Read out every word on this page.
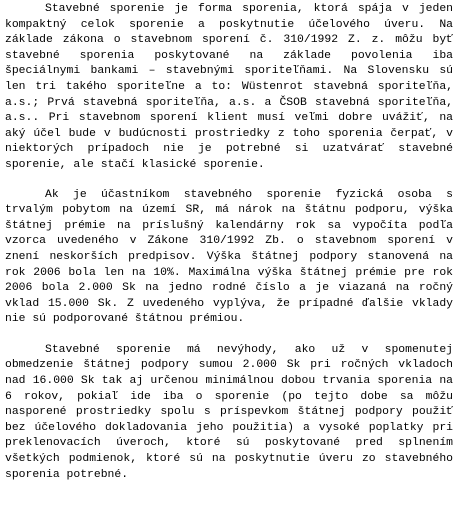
Stavebné sporenie je forma sporenia, ktorá spája v jeden kompaktný celok sporenie a poskytnutie účelového úveru. Na základe zákona o stavebnom sporení č. 310/1992 Z. z. môžu byť stavebné sporenia poskytované na základe povolenia iba špeciálnymi bankami – stavebnými sporiteľňami. Na Slovensku sú len tri takého sporiteľne a to: Wüstenrot stavebná sporiteľňa, a.s.; Prvá stavebná sporiteľňa, a.s. a ČSOB stavebná sporiteľňa, a.s.. Pri stavebnom sporení klient musí veľmi dobre uvážiť, na aký účel bude v budúcnosti prostriedky z toho sporenia čerpať, v niektorých prípadoch nie je potrebné si uzatvárať stavebné sporenie, ale stačí klasické sporenie.

Ak je účastníkom stavebného sporenie fyzická osoba s trvalým pobytom na území SR, má nárok na štátnu podporu, výška štátnej prémie na príslušný kalendárny rok sa vypočíta podľa vzorca uvedeného v Zákone 310/1992 Zb. o stavebnom sporení v znení neskorších predpisov. Výška štátnej podpory stanovená na rok 2006 bola len na 10%. Maximálna výška štátnej prémie pre rok 2006 bola 2.000 Sk na jedno rodné číslo a je viazaná na ročný vklad 15.000 Sk. Z uvedeného vyplýva, že prípadné ďalšie vklady nie sú podporované štátnou prémiou.

Stavebné sporenie má nevýhody, ako už v spomenutej obmedzenie štátnej podpory sumou 2.000 Sk pri ročných vkladoch nad 16.000 Sk tak aj určenou minimálnou dobou trvania sporenia na 6 rokov, pokiaľ ide iba o sporenie (po tejto dobe sa môžu nasporené prostriedky spolu s príspevkom štátnej podpory použiť bez účelového dokladovania jeho použitia) a vysoké poplatky pri preklenovacích úveroch, ktoré sú poskytované pred splnením všetkých podmienok, ktoré sú na poskytnutie úveru zo stavebného sporenia potrebné.
